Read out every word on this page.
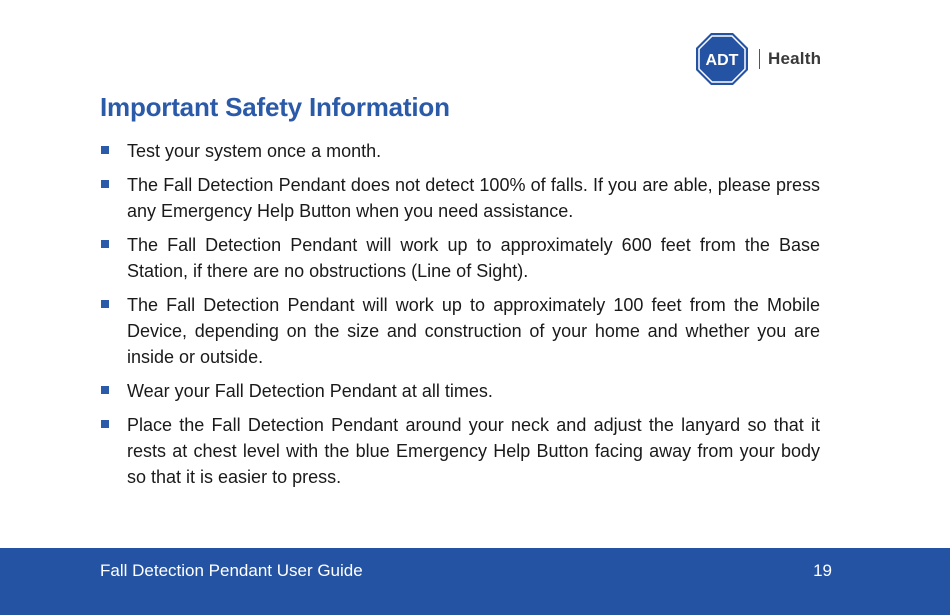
ADT Health
Important Safety Information
Test your system once a month.
The Fall Detection Pendant does not detect 100% of falls. If you are able, please press any Emergency Help Button when you need assistance.
The Fall Detection Pendant will work up to approximately 600 feet from the Base Station, if there are no obstructions (Line of Sight).
The Fall Detection Pendant will work up to approximately 100 feet from the Mobile Device, depending on the size and construction of your home and whether you are inside or outside.
Wear your Fall Detection Pendant at all times.
Place the Fall Detection Pendant around your neck and adjust the lanyard so that it rests at chest level with the blue Emergency Help Button facing away from your body so that it is easier to press.
Fall Detection Pendant User Guide	19
